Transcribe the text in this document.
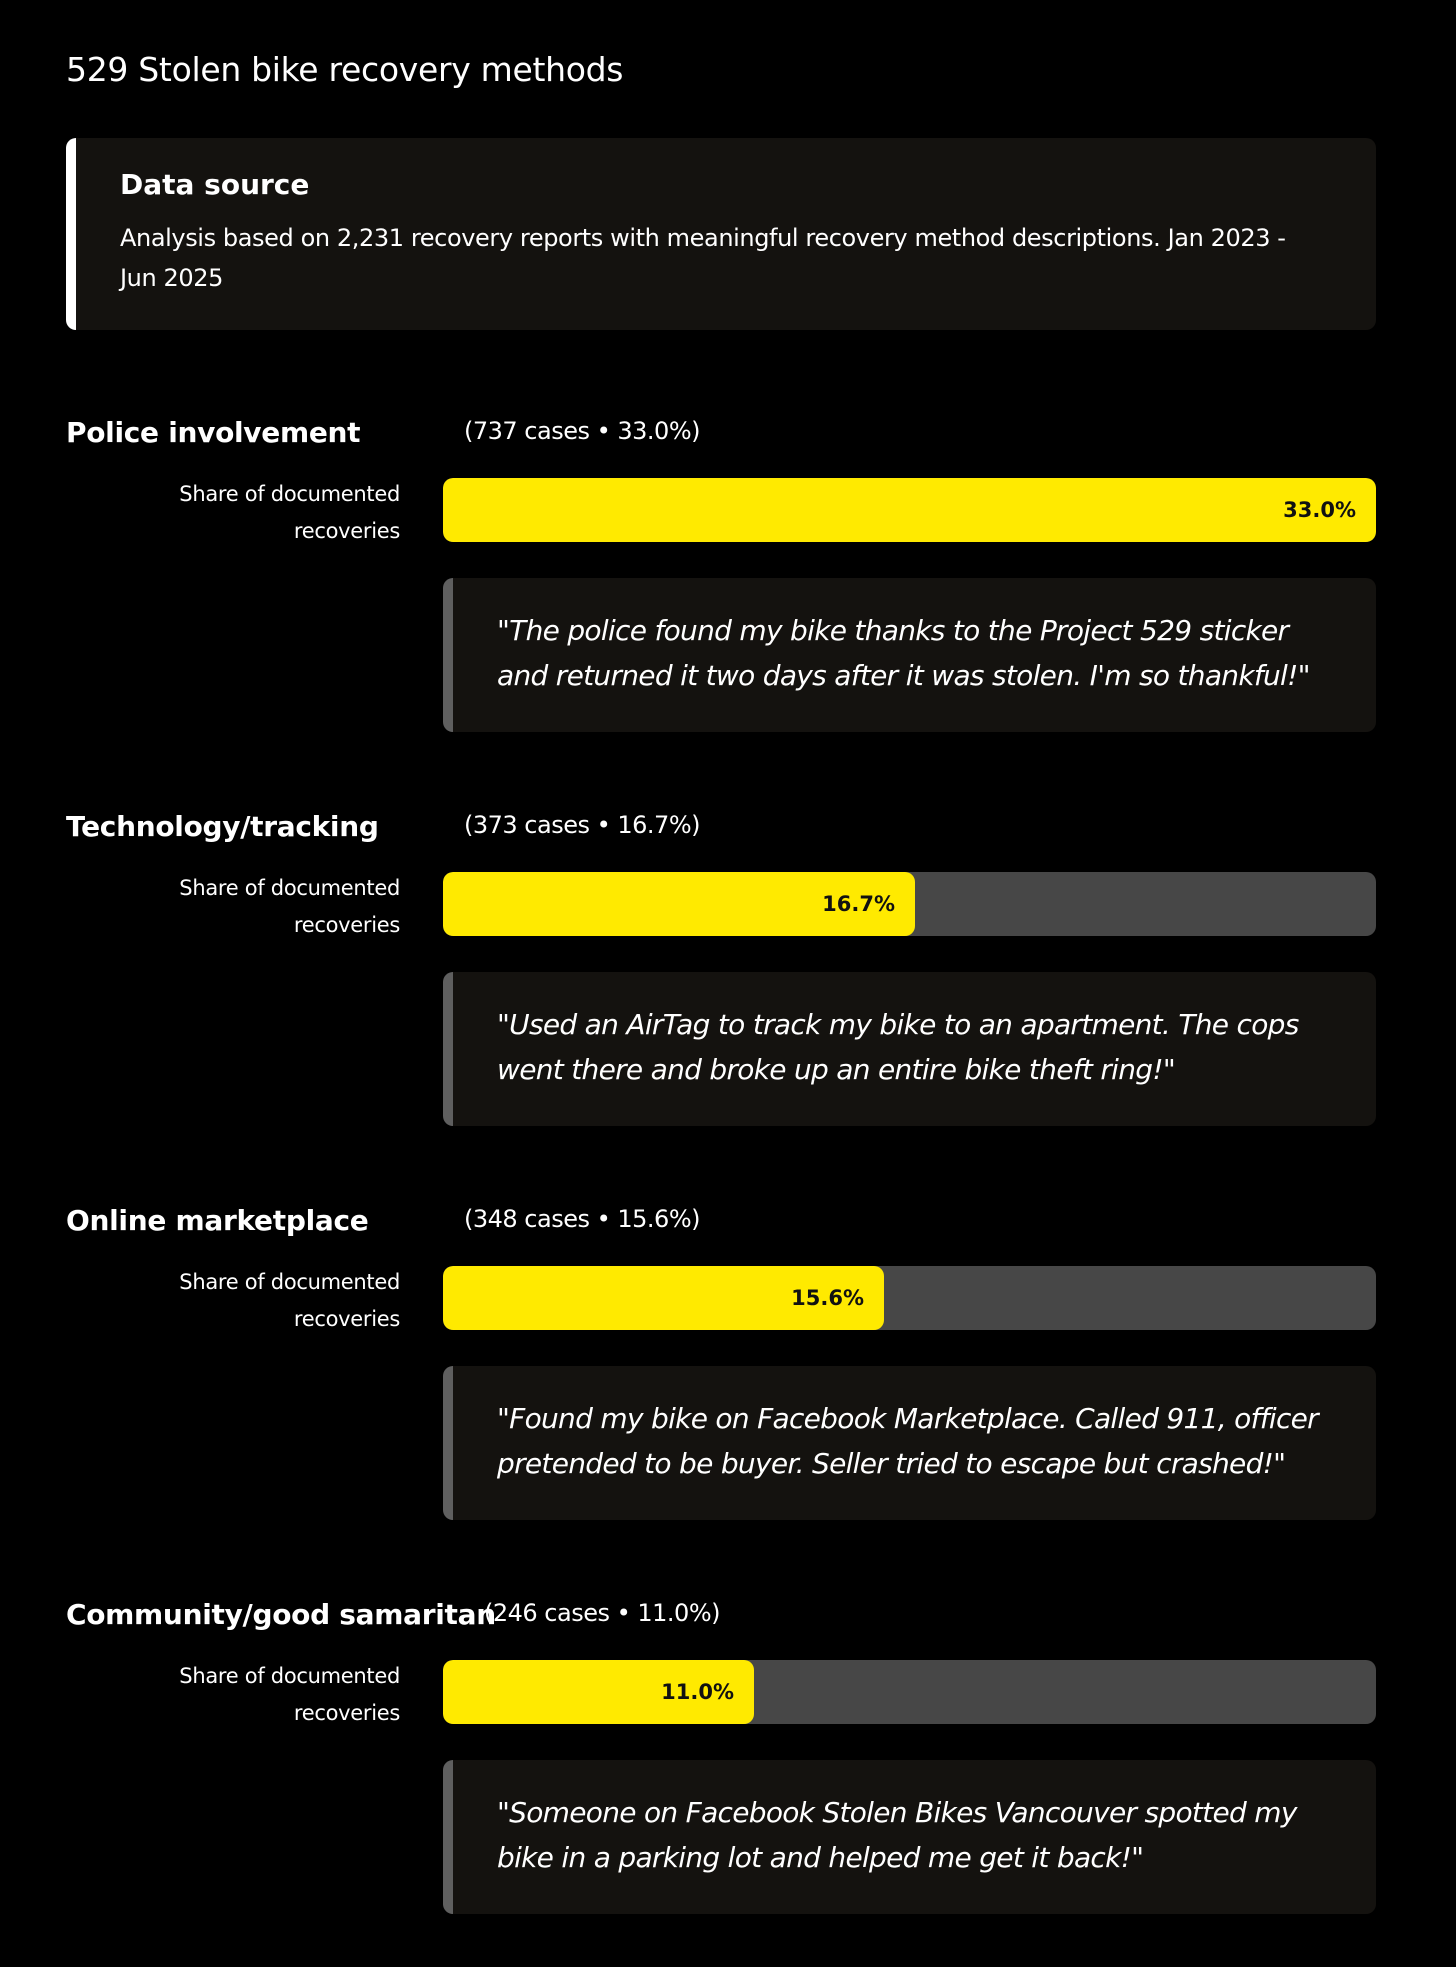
529 Stolen bike recovery methods
Data source
Analysis based on 2,231 recovery reports with meaningful recovery method descriptions. Jan 2023 - Jun 2025
Police involvement	(737 cases • 33.0%)
Share of documented recoveries
33.0%
"The police found my bike thanks to the Project 529 sticker and returned it two days after it was stolen. I'm so thankful!"
Technology/tracking	(373 cases • 16.7%)
Share of documented recoveries
16.7%
"Used an AirTag to track my bike to an apartment. The cops went there and broke up an entire bike theft ring!"
Online marketplace	(348 cases • 15.6%)
Share of documented recoveries
15.6%
"Found my bike on Facebook Marketplace. Called 911, officer pretended to be buyer. Seller tried to escape but crashed!"
Community/good samaritan
(246 cases • 11.0%)
Share of documented recoveries
11.0%
"Someone on Facebook Stolen Bikes Vancouver spotted my bike in a parking lot and helped me get it back!"
